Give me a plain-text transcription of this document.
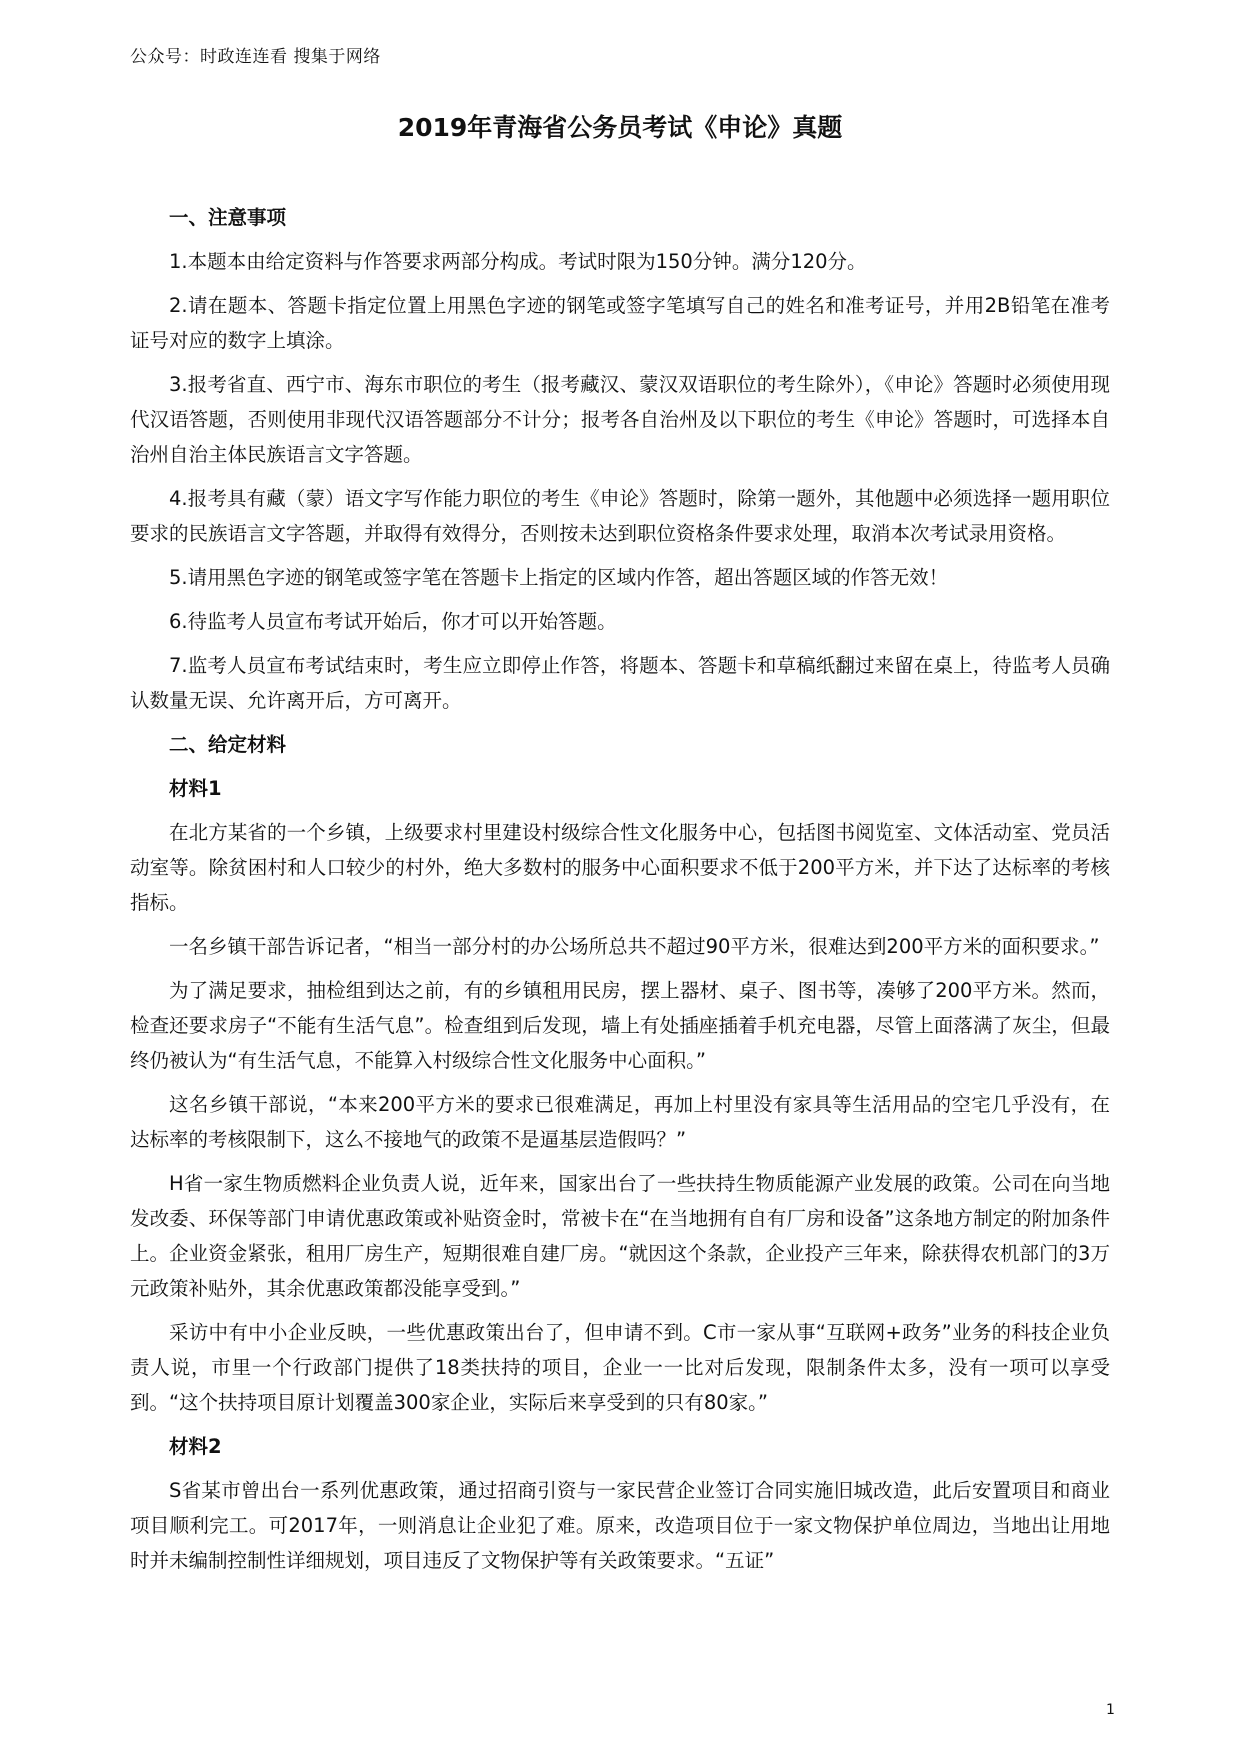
公众号：时政连连看 搜集于网络
2019年青海省公务员考试《申论》真题

一、注意事项

1.本题本由给定资料与作答要求两部分构成。考试时限为150分钟。满分120分。

2.请在题本、答题卡指定位置上用黑色字迹的钢笔或签字笔填写自己的姓名和准考证号，并用2B铅笔在准考证号对应的数字上填涂。

3.报考省直、西宁市、海东市职位的考生（报考藏汉、蒙汉双语职位的考生除外），《申论》答题时必须使用现代汉语答题，否则使用非现代汉语答题部分不计分；报考各自治州及以下职位的考生《申论》答题时，可选择本自治州自治主体民族语言文字答题。

4.报考具有藏（蒙）语文字写作能力职位的考生《申论》答题时，除第一题外，其他题中必须选择一题用职位要求的民族语言文字答题，并取得有效得分，否则按未达到职位资格条件要求处理，取消本次考试录用资格。

5.请用黑色字迹的钢笔或签字笔在答题卡上指定的区域内作答，超出答题区域的作答无效！

6.待监考人员宣布考试开始后，你才可以开始答题。

7.监考人员宣布考试结束时，考生应立即停止作答，将题本、答题卡和草稿纸翻过来留在桌上，待监考人员确认数量无误、允许离开后，方可离开。

二、给定材料

材料1

在北方某省的一个乡镇，上级要求村里建设村级综合性文化服务中心，包括图书阅览室、文体活动室、党员活动室等。除贫困村和人口较少的村外，绝大多数村的服务中心面积要求不低于200平方米，并下达了达标率的考核指标。

一名乡镇干部告诉记者，“相当一部分村的办公场所总共不超过90平方米，很难达到200平方米的面积要求。”

为了满足要求，抽检组到达之前，有的乡镇租用民房，摆上器材、桌子、图书等，凑够了200平方米。然而，检查还要求房子“不能有生活气息”。检查组到后发现，墙上有处插座插着手机充电器，尽管上面落满了灰尘，但最终仍被认为“有生活气息，不能算入村级综合性文化服务中心面积。”

这名乡镇干部说，“本来200平方米的要求已很难满足，再加上村里没有家具等生活用品的空宅几乎没有，在达标率的考核限制下，这么不接地气的政策不是逼基层造假吗？”

H省一家生物质燃料企业负责人说，近年来，国家出台了一些扶持生物质能源产业发展的政策。公司在向当地发改委、环保等部门申请优惠政策或补贴资金时，常被卡在“在当地拥有自有厂房和设备”这条地方制定的附加条件上。企业资金紧张，租用厂房生产，短期很难自建厂房。“就因这个条款，企业投产三年来，除获得农机部门的3万元政策补贴外，其余优惠政策都没能享受到。”

采访中有中小企业反映，一些优惠政策出台了，但申请不到。C市一家从事“互联网+政务”业务的科技企业负责人说，市里一个行政部门提供了18类扶持的项目，企业一一比对后发现，限制条件太多，没有一项可以享受到。“这个扶持项目原计划覆盖300家企业，实际后来享受到的只有80家。”

材料2

S省某市曾出台一系列优惠政策，通过招商引资与一家民营企业签订合同实施旧城改造，此后安置项目和商业项目顺利完工。可2017年，一则消息让企业犯了难。原来，改造项目位于一家文物保护单位周边，当地出让用地时并未编制控制性详细规划，项目违反了文物保护等有关政策要求。“五证”

1
